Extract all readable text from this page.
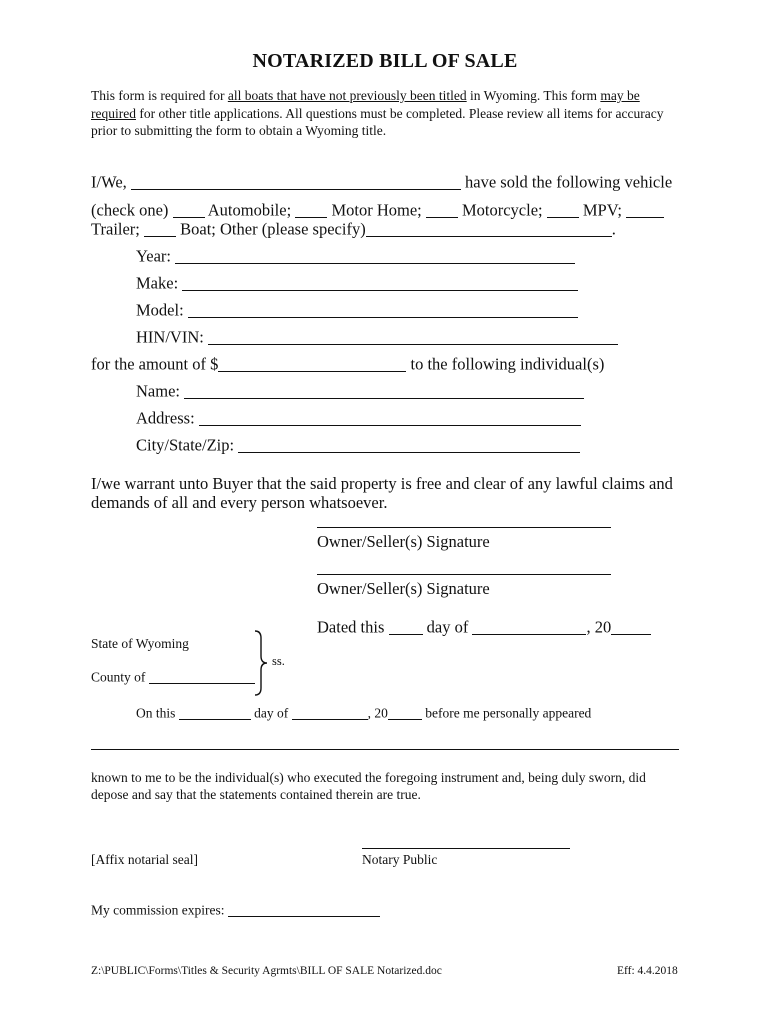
NOTARIZED BILL OF SALE
This form is required for all boats that have not previously been titled in Wyoming. This form may be required for other title applications. All questions must be completed. Please review all items for accuracy prior to submitting the form to obtain a Wyoming title.
I/We,	have sold the following vehicle
(check one) Automobile; Motor Home; Motorcycle; MPV;
Trailer; Boat; Other (please specify)	.
Year:
Make:
Model:
HIN/VIN:
for the amount of $	to the following individual(s)
Name:
Address:
City/State/Zip:
I/we warrant unto Buyer that the said property is free and clear of any lawful claims and
demands of all and every person whatsoever.
Owner/Seller(s) Signature
Owner/Seller(s) Signature
Dated this	day of	, 20
State of Wyoming
County of
ss.
On this	day of	, 20	before me personally appeared
known to me to be the individual(s) who executed the foregoing instrument and, being duly sworn, did
depose and say that the statements contained therein are true.
[Affix notarial seal]	Notary Public
My commission expires:
Z:\PUBLIC\Forms\Titles & Security Agrmts\BILL OF SALE Notarized.doc	Eff: 4.4.2018
